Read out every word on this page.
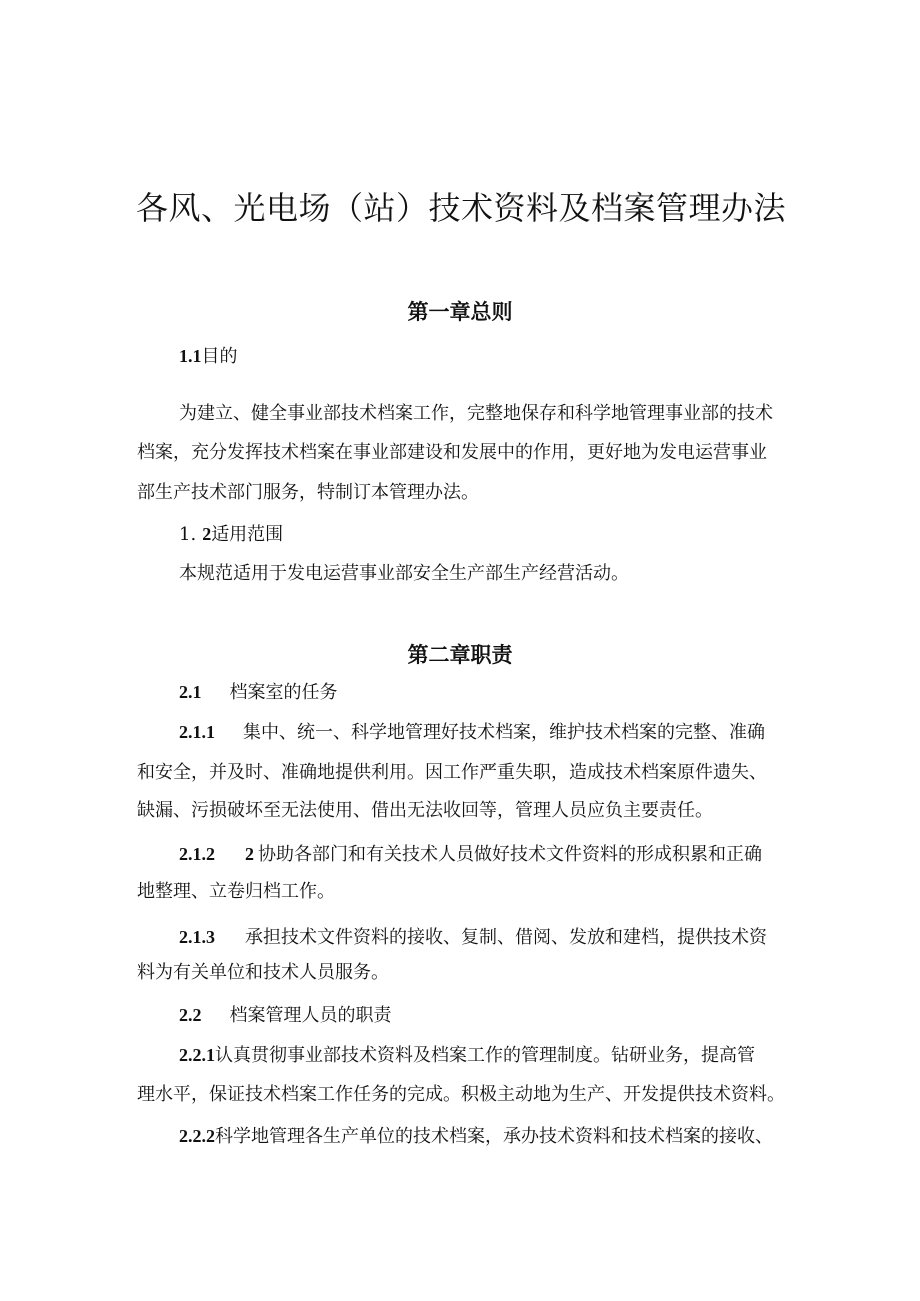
各风、光电场（站）技术资料及档案管理办法
第一章总则
1.1目的
为建立、健全事业部技术档案工作，完整地保存和科学地管理事业部的技术
档案，充分发挥技术档案在事业部建设和发展中的作用，更好地为发电运营事业
部生产技术部门服务，特制订本管理办法。
1. 2适用范围
本规范适用于发电运营事业部安全生产部生产经营活动。
第二章职责
2.1 档案室的任务
2.1.1 集中、统一、科学地管理好技术档案，维护技术档案的完整、准确
和安全，并及时、准确地提供利用。因工作严重失职，造成技术档案原件遗失、
缺漏、污损破坏至无法使用、借出无法收回等，管理人员应负主要责任。
2.1.2 2 协助各部门和有关技术人员做好技术文件资料的形成积累和正确
地整理、立卷归档工作。
2.1.3 承担技术文件资料的接收、复制、借阅、发放和建档，提供技术资
料为有关单位和技术人员服务。
2.2 档案管理人员的职责
2.2.1认真贯彻事业部技术资料及档案工作的管理制度。钻研业务，提高管
理水平，保证技术档案工作任务的完成。积极主动地为生产、开发提供技术资料。
2.2.2科学地管理各生产单位的技术档案，承办技术资料和技术档案的接收、
